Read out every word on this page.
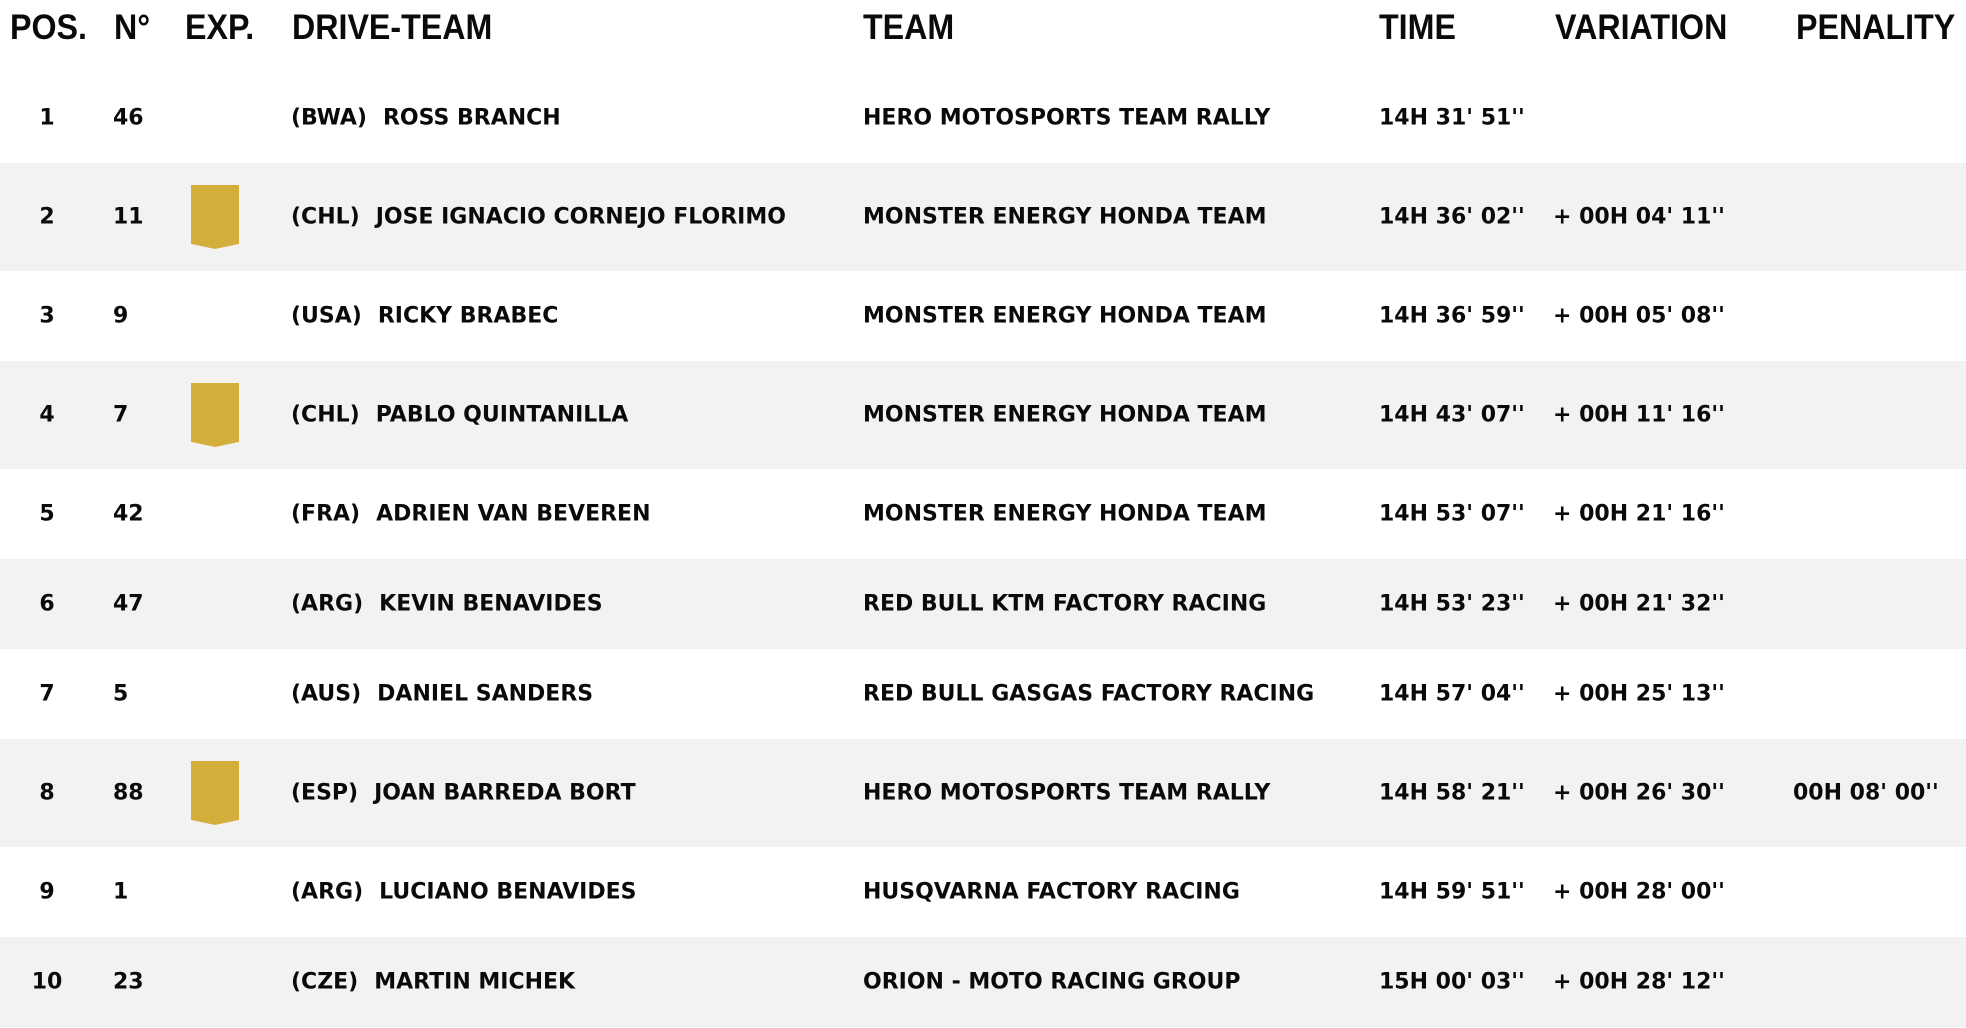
POS. N° EXP. DRIVE-TEAM	TEAM	TIME	VARIATION PENALITY
1	46	(BWA) ROSS BRANCH	HERO MOTOSPORTS TEAM RALLY	14H 31' 51''
2	11	(CHL) JOSE IGNACIO CORNEJO FLORIMO	MONSTER ENERGY HONDA TEAM	14H 36' 02'' + 00H 04' 11''
3	9	(USA) RICKY BRABEC	MONSTER ENERGY HONDA TEAM	14H 36' 59'' + 00H 05' 08''
4	7	(CHL) PABLO QUINTANILLA	MONSTER ENERGY HONDA TEAM	14H 43' 07'' + 00H 11' 16''
5	42	(FRA) ADRIEN VAN BEVEREN	MONSTER ENERGY HONDA TEAM	14H 53' 07'' + 00H 21' 16''
6	47	(ARG) KEVIN BENAVIDES	RED BULL KTM FACTORY RACING	14H 53' 23'' + 00H 21' 32''
7	5	(AUS) DANIEL SANDERS	RED BULL GASGAS FACTORY RACING	14H 57' 04'' + 00H 25' 13''
8	88	(ESP) JOAN BARREDA BORT	HERO MOTOSPORTS TEAM RALLY	14H 58' 21'' + 00H 26' 30''	00H 08' 00''
9	1	(ARG) LUCIANO BENAVIDES	HUSQVARNA FACTORY RACING	14H 59' 51'' + 00H 28' 00''
10	23	(CZE) MARTIN MICHEK	ORION - MOTO RACING GROUP	15H 00' 03'' + 00H 28' 12''
